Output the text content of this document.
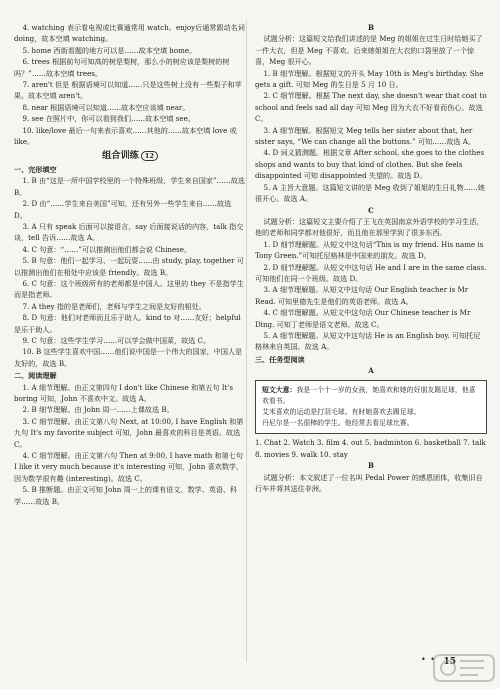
4. watching 表示看电视或比赛通常用 watch。enjoy后通常跟动名词 doing，故本空填 watching。

5. home 西街看题的地方可以是……故本空填 home。

6. trees 根据前句可知高的树是梨树，那么小的树应该是梨树的树吗？”……故本空填 trees。

7. aren't 但是 根据语境可以知道……只是这些树上没有一些梨子和苹果。故本空填 aren't。

8. near 根据语境可以知道……故本空应该填 near。

9. see 在照片中，你可以看到我们……故本空填 see。

10. like/love 最后一句来表示喜欢……其他的……故本空填 love 或 like。

组合训练 12

一、完形填空

1. B 由“这是一所中国学校里的一个特殊班级，学生来自国家”……故选 B。

2. D 由“……学生来自美国”可知，还有另外一些学生来自……故选 D。

3. A 只有 speak 后面可以接语言，say 后面接说话的内容，talk 指交谈，tell 告诉……故选 A。

4. C 句意：“……”可以推测出他们都会说 Chinese。

5. B 句意：他们一起学习、一起玩耍……由 study, play, together 可以推测出他们在相处中应该是 friendly。故选 B。

6. C 句意：这个班级所有的老师都是中国人。这里的 they 不是指学生而是指老师。

7. A they 指的是老师们，老师与学生之间是友好的相处。

8. D 句意：他们对老师而且乐于助人。kind to 对……友好；helpful 是乐于助人。

9. C 句意：这些学生学习……可以学会做中国菜，故选 C。

10. B 这些学生喜欢中国……他们说中国是一个伟大的国家，中国人是友好的，故选 B。

二、阅读理解

1. A 细节理解。由正文第四句 I don't like Chinese 和第五句 It's boring 可知，John 不喜欢中文。故选 A。

2. B 细节理解。由 John 周一……上课故选 B。

3. C 细节理解。由正文第八句 Next, at 10:00, I have English 和第九句 It's my favorite subject 可知，John 最喜欢的科目是英语。故选 C。

4. C 细节理解。由正文第六句 Then at 9:00, I have math 和第七句 I like it very much because it's interesting 可知，John 喜欢数学，因为数学很有趣 (interesting)。故选 C。

5. B 推断题。由正文可知 John 周一上的课有语文、数学、英语、科学……故选 B。

B

试题分析：这篇短文给我们讲述的是 Meg 的姐姐在过生日时给她买了一件大衣，但是 Meg 不喜欢。后来她姐姐在大衣的口袋里放了一个惊喜，Meg 很开心。

1. B 细节理解。根据短文的开头 May 10th is Meg's birthday. She gets a gift. 可知 Meg 的生日是 5 月 10 日。

2. C 细节理解。根据 The next day, she doesn't wear that coat to school and feels sad all day 可知 Meg 因为大衣不好看而伤心。故选 C。

3. A 细节理解。根据短文 Meg tells her sister about that, her sister says, “We can change all the buttons.” 可知……故选 A。

4. D 词义猜测题。根据文章 After school, she goes to the clothes shops and wants to buy that kind of clothes. But she feels disappointed 可知 disappointed 失望的。故选 D。

5. A 主旨大意题。这篇短文讲的是 Meg 收到了姐姐的生日礼物……她很开心。故选 A。

C

试题分析：这篇短文主要介绍了王飞在英国南京外语学校的学习生活，他的老师和同学都对他很好，而且他在那里学到了很多东西。

1. D 细节理解题。从短文中这句话“This is my friend. His name is Tony Green.”可知托尼格林是中国来的朋友。故选 D。

2. D 细节理解题。从短文中这句话 He and I are in the same class. 可知他们在同一个班级。故选 D。

3. A 细节理解题。从短文中这句话 Our English teacher is Mr Read. 可知里德先生是他们的英语老师。故选 A。

4. C 细节理解题。从短文中这句话 Our Chinese teacher is Mr Ding. 可知丁老师是语文老师。故选 C。

5. A 细节理解题。从短文中这句话 He is an English boy. 可知托尼格林来自英国。故选 A。

三、任务型阅读

A

短文大意：我是一个十一岁的女孩，她喜欢和她的好朋友踢足球，他喜欢看书。
艾米喜欢的运动是打羽毛球。有时她喜欢去踢足球。
丹尼尔是一名很棒的学生。他经常去看足球比赛。

1. Chat 2. Watch 3. film 4. out 5. badminton 6. basketball 7. talk 8. movies 9. walk 10. stay

B

试题分析：本文叙述了一位名叫 Pedal Power 的感恩团体，收集旧自行车并将其送往非洲。

• • 15
